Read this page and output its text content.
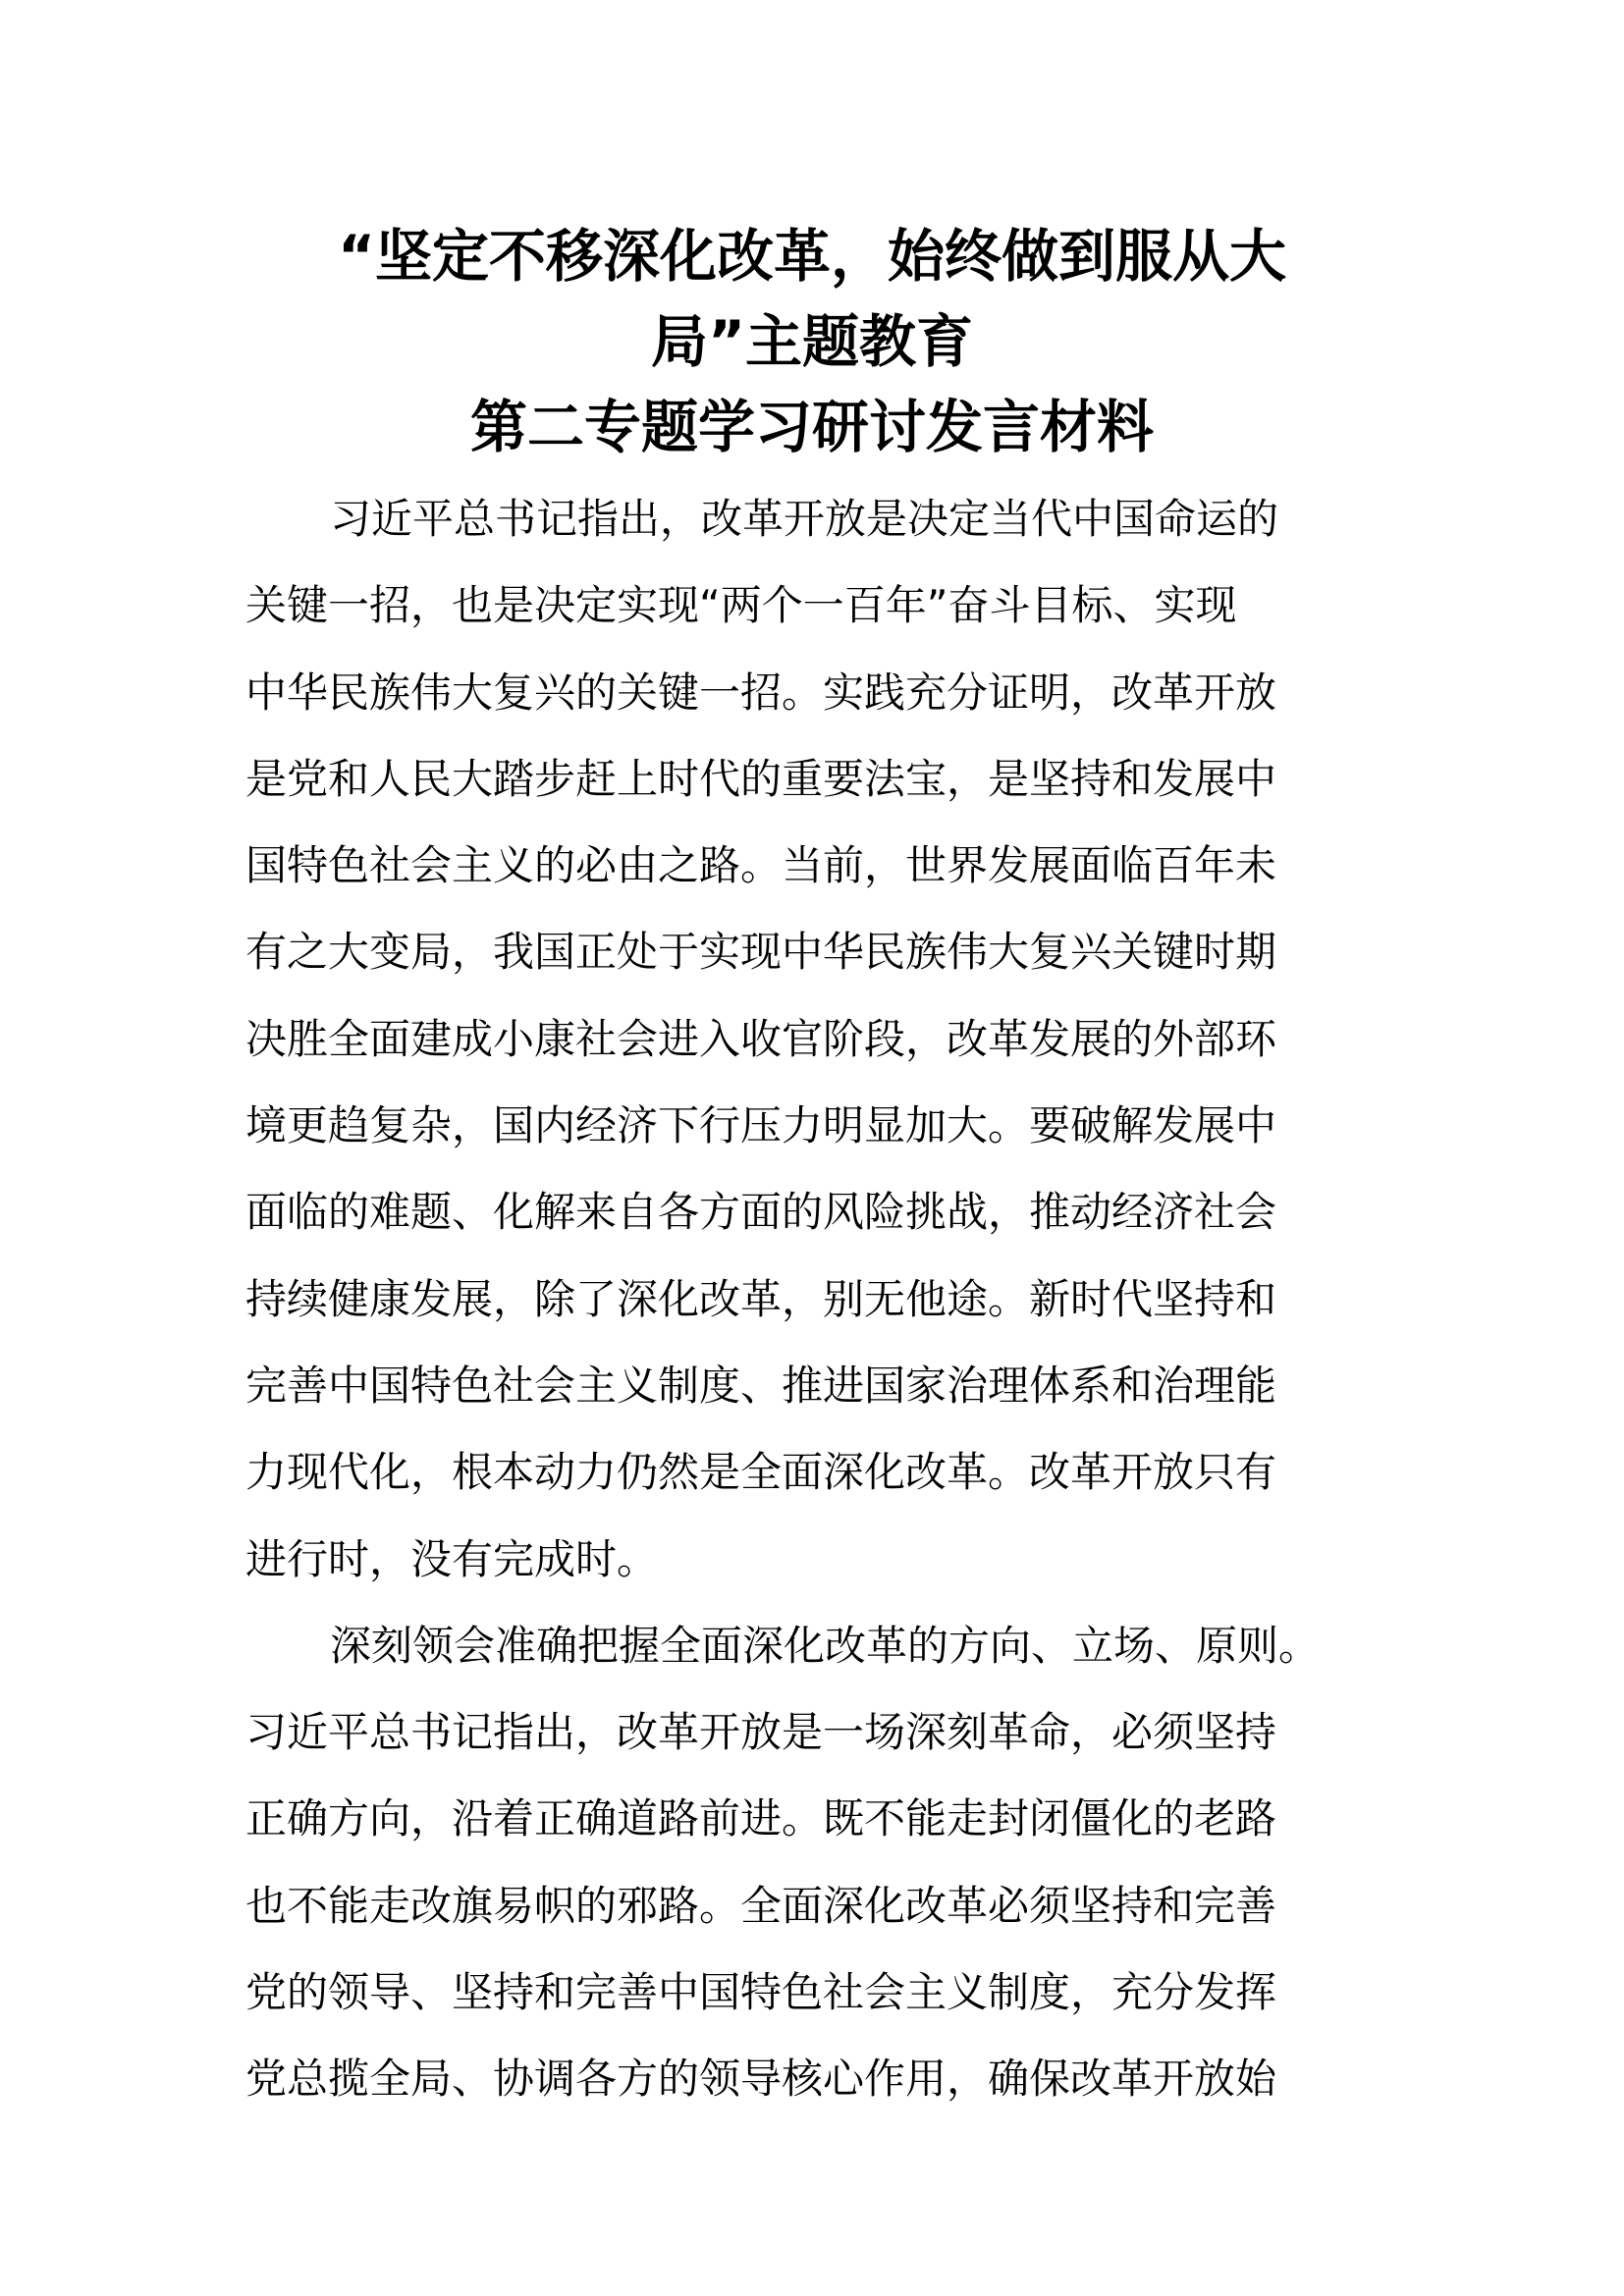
“坚定不移深化改革，始终做到服从大
局”主题教育
第二专题学习研讨发言材料
习近平总书记指出，改革开放是决定当代中国命运的
关键一招，也是决定实现“两个一百年”奋斗目标、实现
中华民族伟大复兴的关键一招。实践充分证明，改革开放
是党和人民大踏步赶上时代的重要法宝，是坚持和发展中
国特色社会主义的必由之路。当前，世界发展面临百年未
有之大变局，我国正处于实现中华民族伟大复兴关键时期
决胜全面建成小康社会进入收官阶段，改革发展的外部环
境更趋复杂，国内经济下行压力明显加大。要破解发展中
面临的难题、化解来自各方面的风险挑战，推动经济社会
持续健康发展，除了深化改革，别无他途。新时代坚持和
完善中国特色社会主义制度、推进国家治理体系和治理能
力现代化，根本动力仍然是全面深化改革。改革开放只有
进行时，没有完成时。
深刻领会准确把握全面深化改革的方向、立场、原则。
习近平总书记指出，改革开放是一场深刻革命，必须坚持
正确方向，沿着正确道路前进。既不能走封闭僵化的老路
也不能走改旗易帜的邪路。全面深化改革必须坚持和完善
党的领导、坚持和完善中国特色社会主义制度，充分发挥
党总揽全局、协调各方的领导核心作用，确保改革开放始
